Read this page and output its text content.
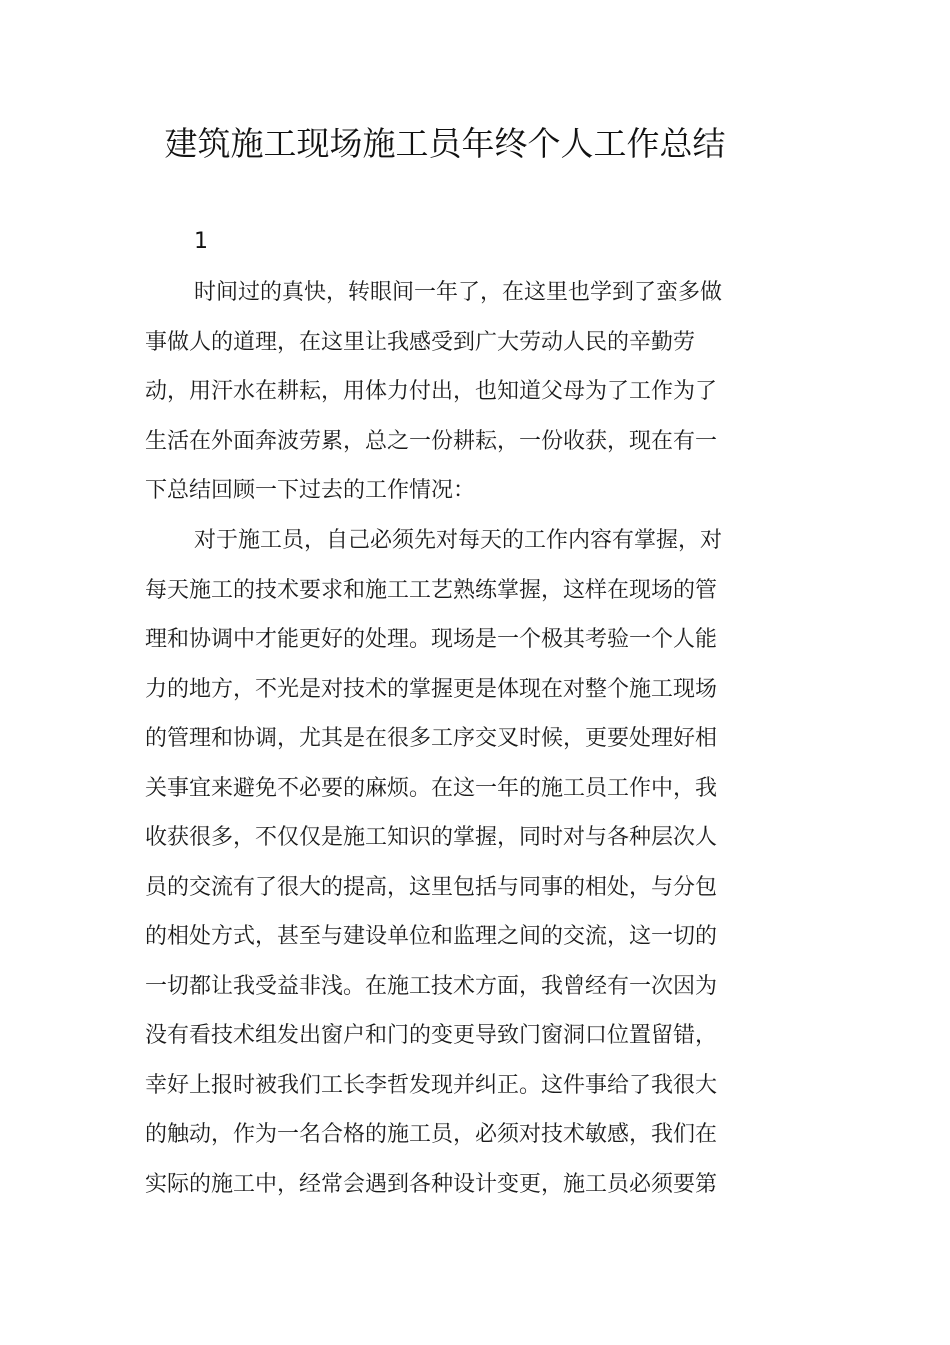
建筑施工现场施工员年终个人工作总结

1

时间过的真快，转眼间一年了，在这里也学到了蛮多做
事做人的道理，在这里让我感受到广大劳动人民的辛勤劳
动，用汗水在耕耘，用体力付出，也知道父母为了工作为了
生活在外面奔波劳累，总之一份耕耘，一份收获，现在有一
下总结回顾一下过去的工作情况：
对于施工员，自己必须先对每天的工作内容有掌握，对
每天施工的技术要求和施工工艺熟练掌握，这样在现场的管
理和协调中才能更好的处理。现场是一个极其考验一个人能
力的地方，不光是对技术的掌握更是体现在对整个施工现场
的管理和协调，尤其是在很多工序交叉时候，更要处理好相
关事宜来避免不必要的麻烦。在这一年的施工员工作中，我
收获很多，不仅仅是施工知识的掌握，同时对与各种层次人
员的交流有了很大的提高，这里包括与同事的相处，与分包
的相处方式，甚至与建设单位和监理之间的交流，这一切的
一切都让我受益非浅。在施工技术方面，我曾经有一次因为
没有看技术组发出窗户和门的变更导致门窗洞口位置留错，
幸好上报时被我们工长李哲发现并纠正。这件事给了我很大
的触动，作为一名合格的施工员，必须对技术敏感，我们在
实际的施工中，经常会遇到各种设计变更，施工员必须要第
